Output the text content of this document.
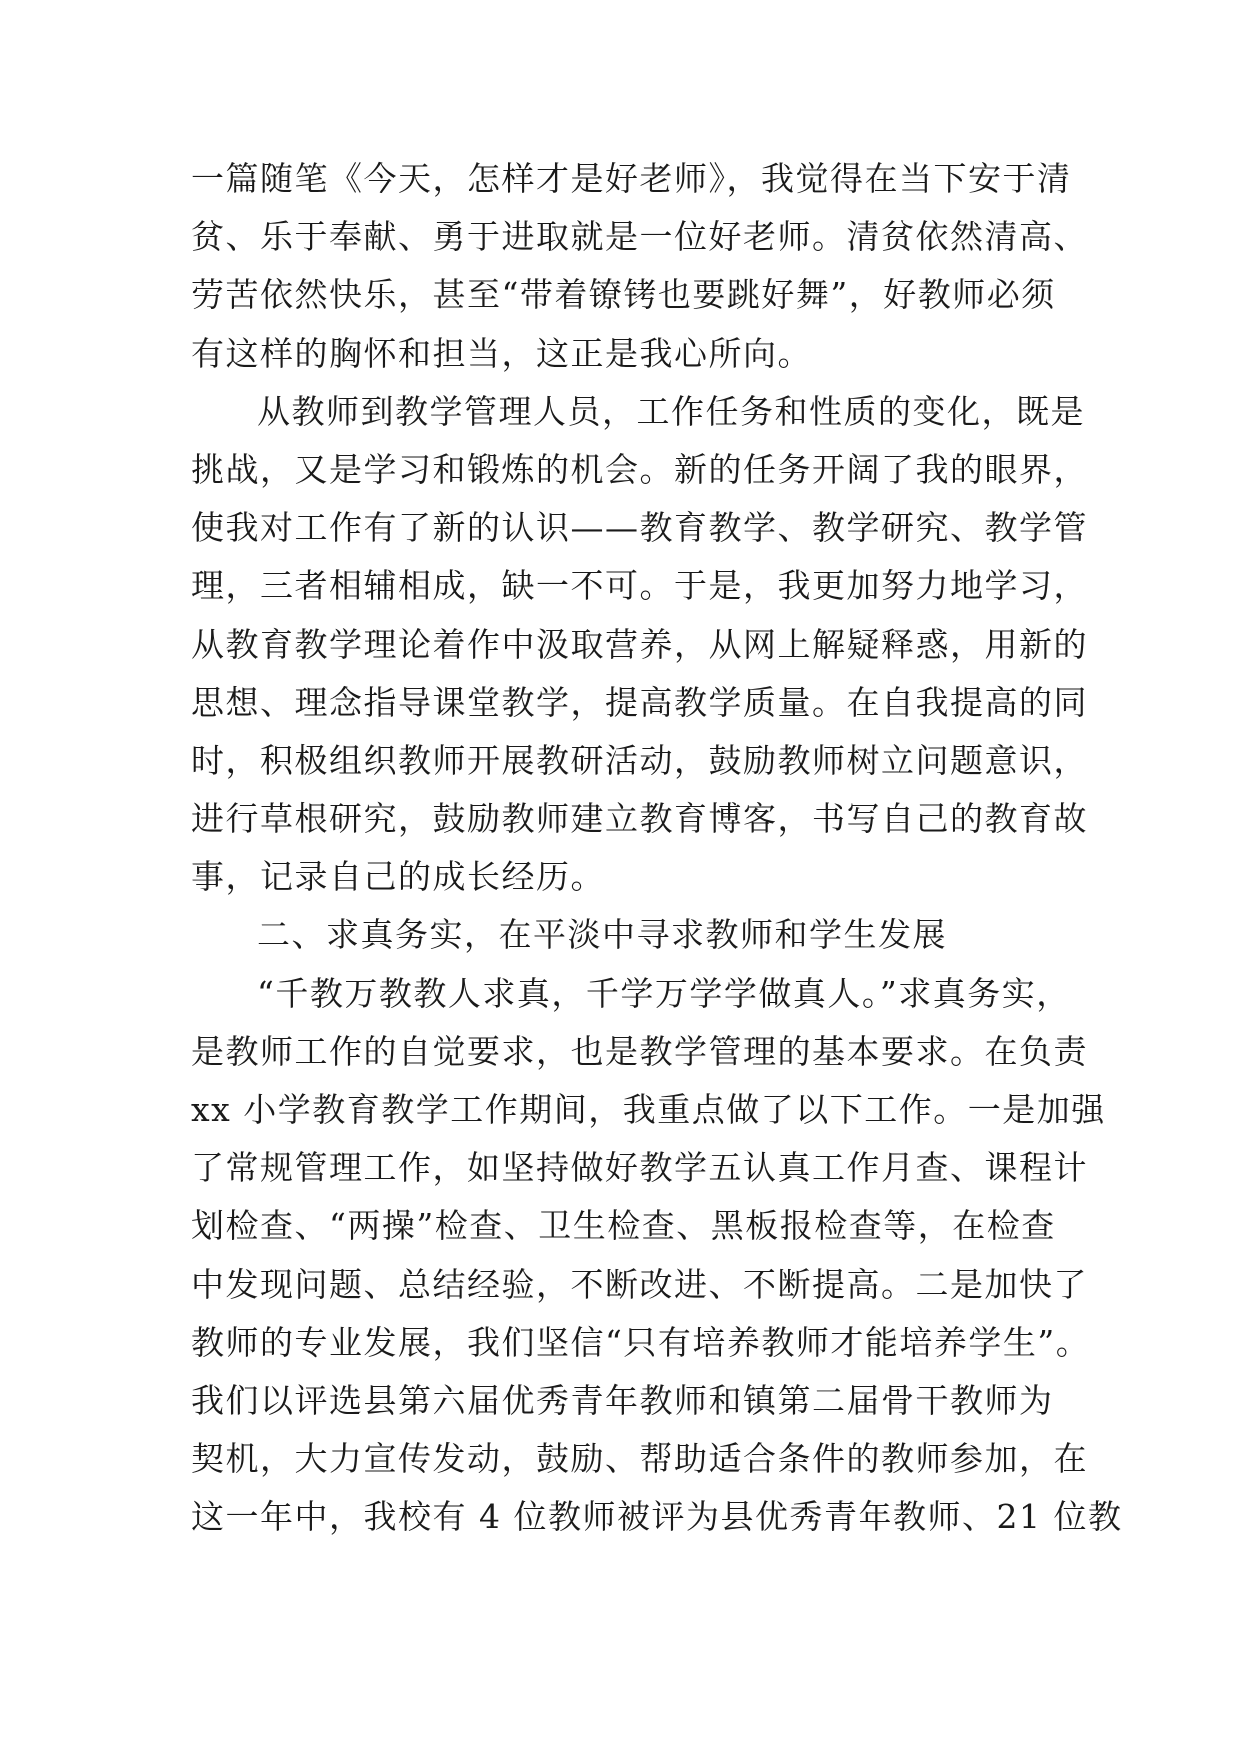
一篇随笔《今天，怎样才是好老师》，我觉得在当下安于清
贫、乐于奉献、勇于进取就是一位好老师。清贫依然清高、
劳苦依然快乐，甚至“带着镣铐也要跳好舞”，好教师必须
有这样的胸怀和担当，这正是我心所向。
从教师到教学管理人员，工作任务和性质的变化，既是
挑战，又是学习和锻炼的机会。新的任务开阔了我的眼界，
使我对工作有了新的认识——教育教学、教学研究、教学管
理，三者相辅相成，缺一不可。于是，我更加努力地学习，
从教育教学理论着作中汲取营养，从网上解疑释惑，用新的
思想、理念指导课堂教学，提高教学质量。在自我提高的同
时，积极组织教师开展教研活动，鼓励教师树立问题意识，
进行草根研究，鼓励教师建立教育博客，书写自己的教育故
事，记录自己的成长经历。
二、求真务实，在平淡中寻求教师和学生发展
“千教万教教人求真，千学万学学做真人。”求真务实，
是教师工作的自觉要求，也是教学管理的基本要求。在负责
xx 小学教育教学工作期间，我重点做了以下工作。一是加强
了常规管理工作，如坚持做好教学五认真工作月查、课程计
划检查、“两操”检查、卫生检查、黑板报检查等，在检查
中发现问题、总结经验，不断改进、不断提高。二是加快了
教师的专业发展，我们坚信“只有培养教师才能培养学生”。
我们以评选县第六届优秀青年教师和镇第二届骨干教师为
契机，大力宣传发动，鼓励、帮助适合条件的教师参加，在
这一年中，我校有 4 位教师被评为县优秀青年教师、21 位教
